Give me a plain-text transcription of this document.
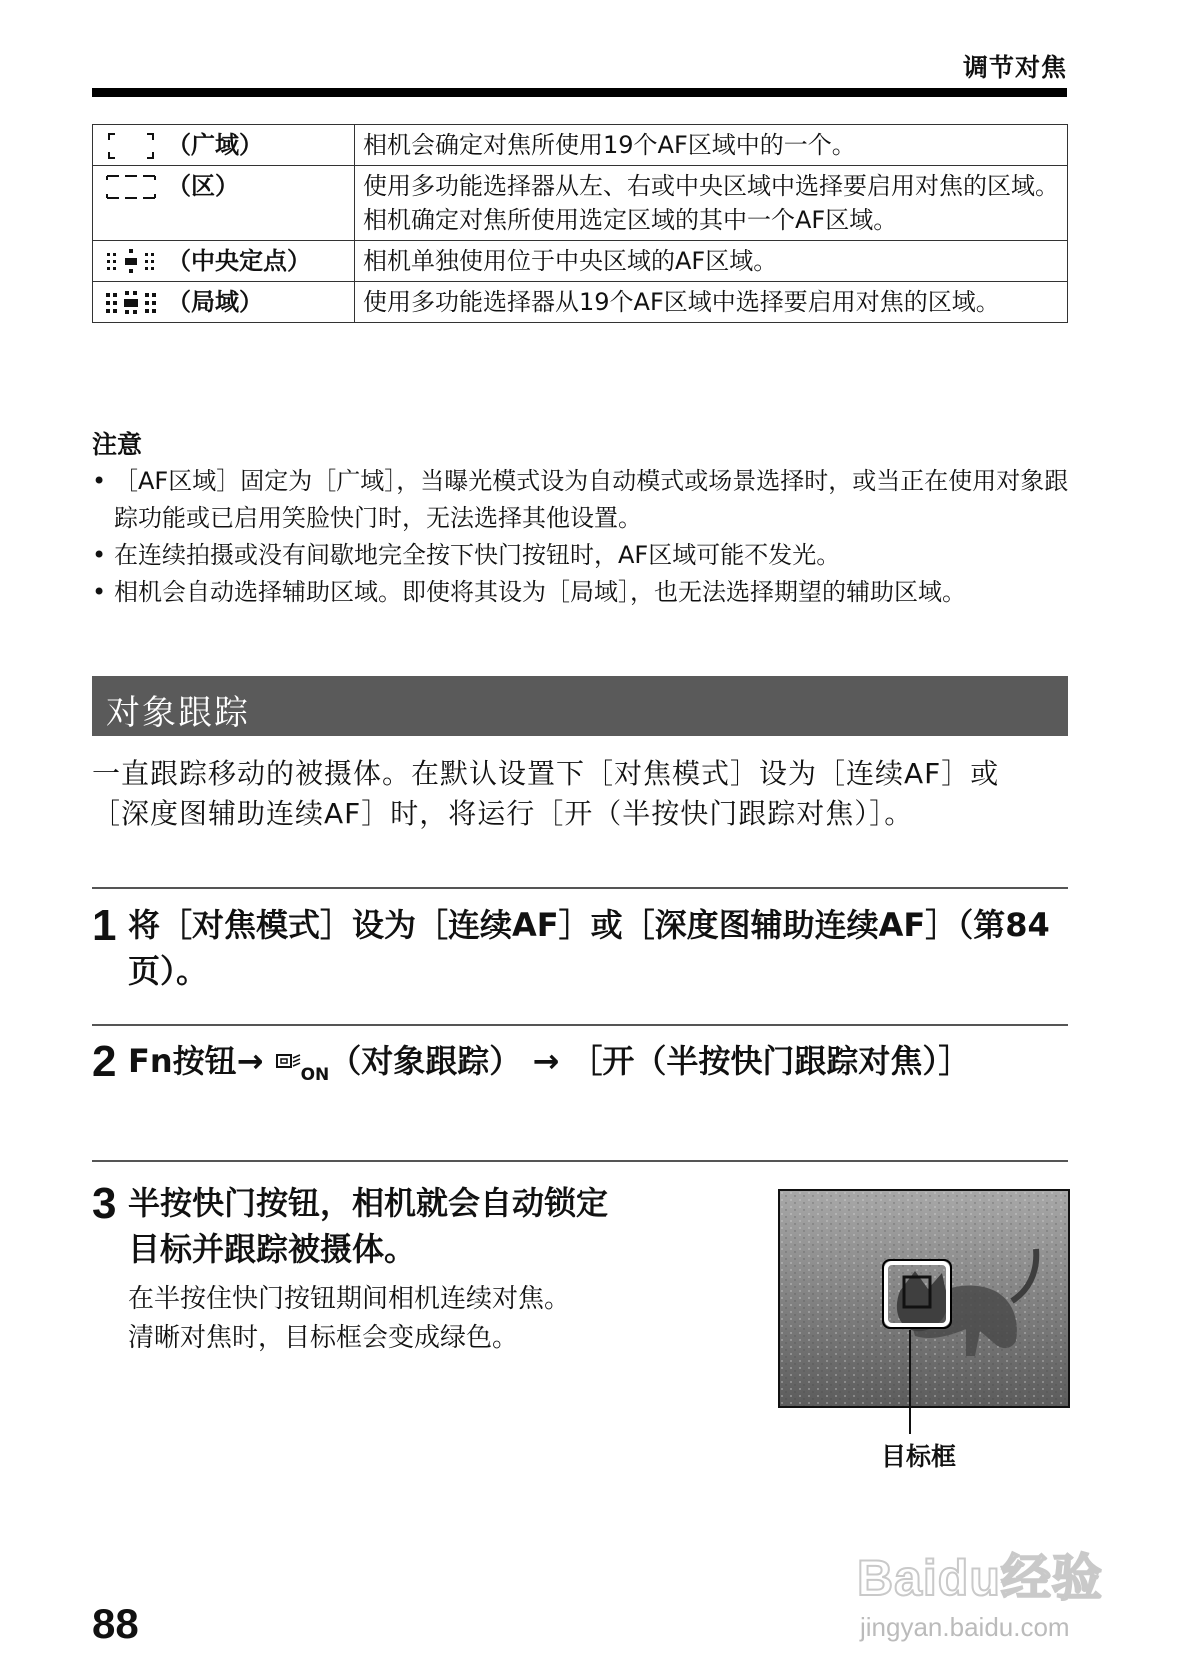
调节对焦
（广域）	相机会确定对焦所使用19个AF区域中的一个。
（区）	使用多功能选择器从左、右或中央区域中选择要启用对焦的区域。相机确定对焦所使用选定区域的其中一个AF区域。
（中央定点）	相机单独使用位于中央区域的AF区域。
（局域）	使用多功能选择器从19个AF区域中选择要启用对焦的区域。
注意
• ［AF区域］固定为［广域］，当曝光模式设为自动模式或场景选择时，或当正在使用对象跟踪功能或已启用笑脸快门时，无法选择其他设置。
• 在连续拍摄或没有间歇地完全按下快门按钮时，AF区域可能不发光。
• 相机会自动选择辅助区域。即使将其设为［局域］，也无法选择期望的辅助区域。
对象跟踪
一直跟踪移动的被摄体。在默认设置下［对焦模式］设为［连续AF］或［深度图辅助连续AF］时，将运行［开（半按快门跟踪对焦）］。
1 将［对焦模式］设为［连续AF］或［深度图辅助连续AF］（第84页）。
2 Fn按钮→ $_{ON}$（对象跟踪） → ［开（半按快门跟踪对焦）］
3 半按快门按钮，相机就会自动锁定目标并跟踪被摄体。
在半按住快门按钮期间相机连续对焦。清晰对焦时，目标框会变成绿色。
目标框
88
Baidu经验
jingyan.baidu.com
